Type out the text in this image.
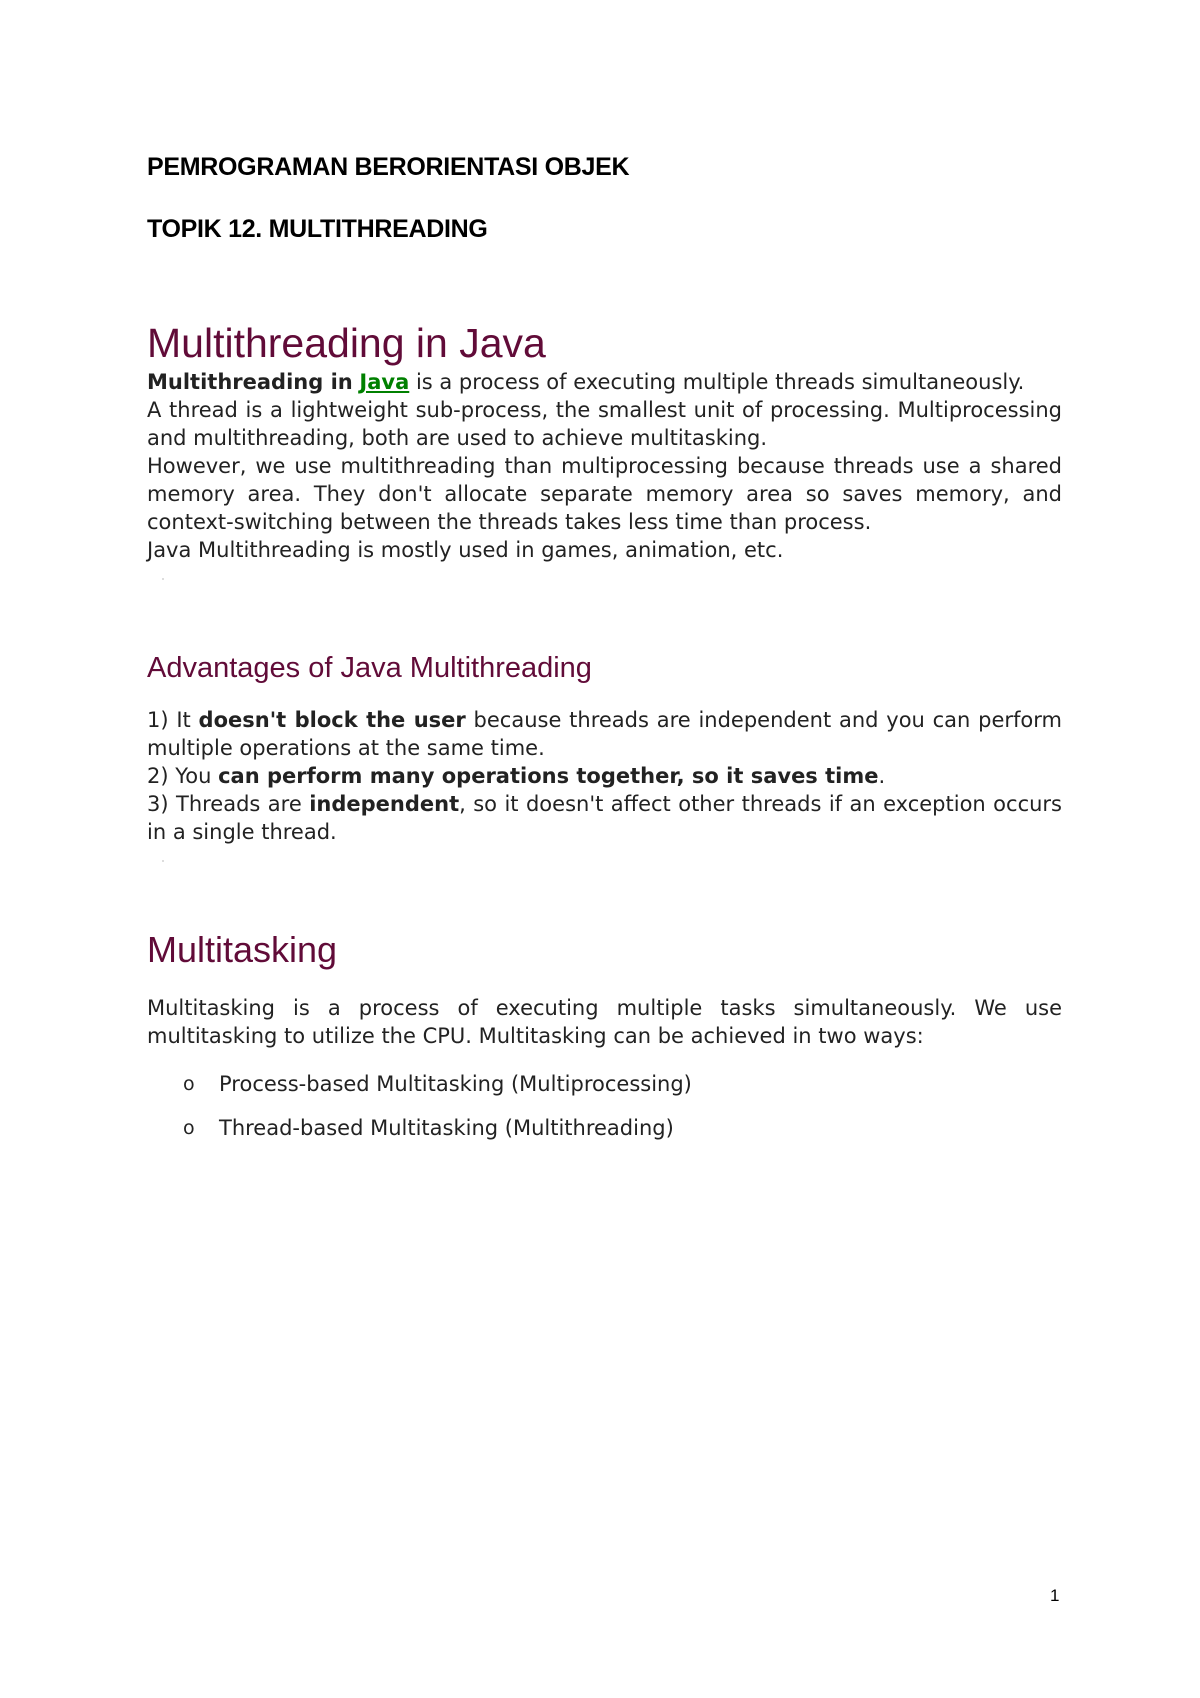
PEMROGRAMAN BERORIENTASI OBJEK
TOPIK 12. MULTITHREADING
Multithreading in Java

Multithreading in Java is a process of executing multiple threads simultaneously.

A thread is a lightweight sub-process, the smallest unit of processing. Multiprocessing and multithreading, both are used to achieve multitasking.

However, we use multithreading than multiprocessing because threads use a shared memory area. They don't allocate separate memory area so saves memory, and context-switching between the threads takes less time than process.

Java Multithreading is mostly used in games, animation, etc.

Advantages of Java Multithreading

1) It doesn't block the user because threads are independent and you can perform multiple operations at the same time.

2) You can perform many operations together, so it saves time.

3) Threads are independent, so it doesn't affect other threads if an exception occurs in a single thread.

Multitasking

Multitasking is a process of executing multiple tasks simultaneously. We use multitasking to utilize the CPU. Multitasking can be achieved in two ways:

o Process-based Multitasking (Multiprocessing)
o Thread-based Multitasking (Multithreading)
1
